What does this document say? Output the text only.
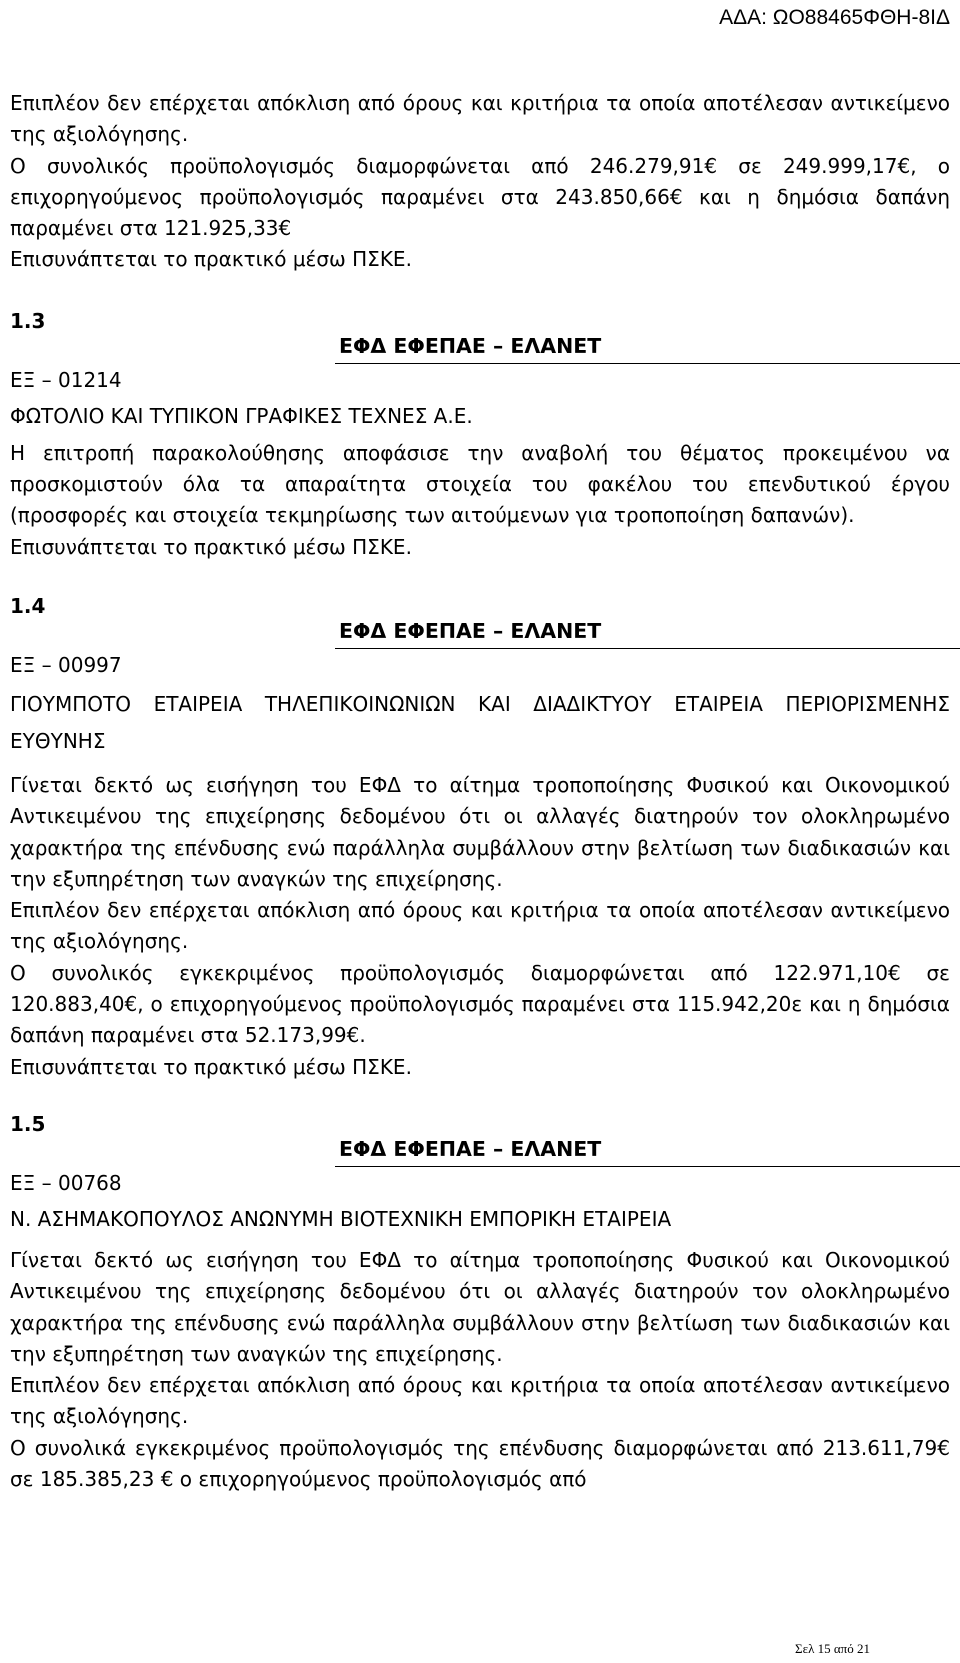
ΑΔΑ: ΩΟ88465ΦΘΗ-8ΙΔ

Επιπλέον δεν επέρχεται απόκλιση από όρους και κριτήρια τα οποία αποτέλεσαν αντικείμενο της αξιολόγησης.

Ο συνολικός προϋπολογισμός διαμορφώνεται από 246.279,91€ σε 249.999,17€, ο επιχορηγούμενος προϋπολογισμός παραμένει στα 243.850,66€ και η δημόσια δαπάνη παραμένει στα 121.925,33€

Επισυνάπτεται το πρακτικό μέσω ΠΣΚΕ.

1.3
ΕΦΔ ΕΦΕΠΑΕ – ΕΛΑΝΕΤ
ΕΞ – 01214

ΦΩΤΟΛΙΟ ΚΑΙ ΤΥΠΙΚΟΝ ΓΡΑΦΙΚΕΣ ΤΕΧΝΕΣ Α.Ε.

Η επιτροπή παρακολούθησης αποφάσισε την αναβολή του θέματος προκειμένου να προσκομιστούν όλα τα απαραίτητα στοιχεία του φακέλου του επενδυτικού έργου (προσφορές και στοιχεία τεκμηρίωσης των αιτούμενων για τροποποίηση δαπανών).

Επισυνάπτεται το πρακτικό μέσω ΠΣΚΕ.

1.4
ΕΦΔ ΕΦΕΠΑΕ – ΕΛΑΝΕΤ
ΕΞ – 00997

ΓΙΟΥΜΠΟΤΟ ΕΤΑΙΡΕΙΑ ΤΗΛΕΠΙΚΟΙΝΩΝΙΩΝ ΚΑΙ ΔΙΑΔΙΚΤΥΟΥ ΕΤΑΙΡΕΙΑ ΠΕΡΙΟΡΙΣΜΕΝΗΣ ΕΥΘΥΝΗΣ

Γίνεται δεκτό ως εισήγηση του ΕΦΔ το αίτημα τροποποίησης Φυσικού και Οικονομικού Αντικειμένου της επιχείρησης δεδομένου ότι οι αλλαγές διατηρούν τον ολοκληρωμένο χαρακτήρα της επένδυσης ενώ παράλληλα συμβάλλουν στην βελτίωση των διαδικασιών και την εξυπηρέτηση των αναγκών της επιχείρησης.

Επιπλέον δεν επέρχεται απόκλιση από όρους και κριτήρια τα οποία αποτέλεσαν αντικείμενο της αξιολόγησης.

Ο συνολικός εγκεκριμένος προϋπολογισμός διαμορφώνεται από 122.971,10€ σε 120.883,40€, ο επιχορηγούμενος προϋπολογισμός παραμένει στα 115.942,20ε και η δημόσια δαπάνη παραμένει στα 52.173,99€.

Επισυνάπτεται το πρακτικό μέσω ΠΣΚΕ.

1.5
ΕΦΔ ΕΦΕΠΑΕ – ΕΛΑΝΕΤ
ΕΞ – 00768

Ν. ΑΣΗΜΑΚΟΠΟΥΛΟΣ ΑΝΩΝΥΜΗ ΒΙΟΤΕΧΝΙΚΗ ΕΜΠΟΡΙΚΗ ΕΤΑΙΡΕΙΑ

Γίνεται δεκτό ως εισήγηση του ΕΦΔ το αίτημα τροποποίησης Φυσικού και Οικονομικού Αντικειμένου της επιχείρησης δεδομένου ότι οι αλλαγές διατηρούν τον ολοκληρωμένο χαρακτήρα της επένδυσης ενώ παράλληλα συμβάλλουν στην βελτίωση των διαδικασιών και την εξυπηρέτηση των αναγκών της επιχείρησης.

Επιπλέον δεν επέρχεται απόκλιση από όρους και κριτήρια τα οποία αποτέλεσαν αντικείμενο της αξιολόγησης.

Ο συνολικά εγκεκριμένος προϋπολογισμός της επένδυσης διαμορφώνεται από 213.611,79€ σε 185.385,23 € ο επιχορηγούμενος προϋπολογισμός από

Σελ 15 από 21
